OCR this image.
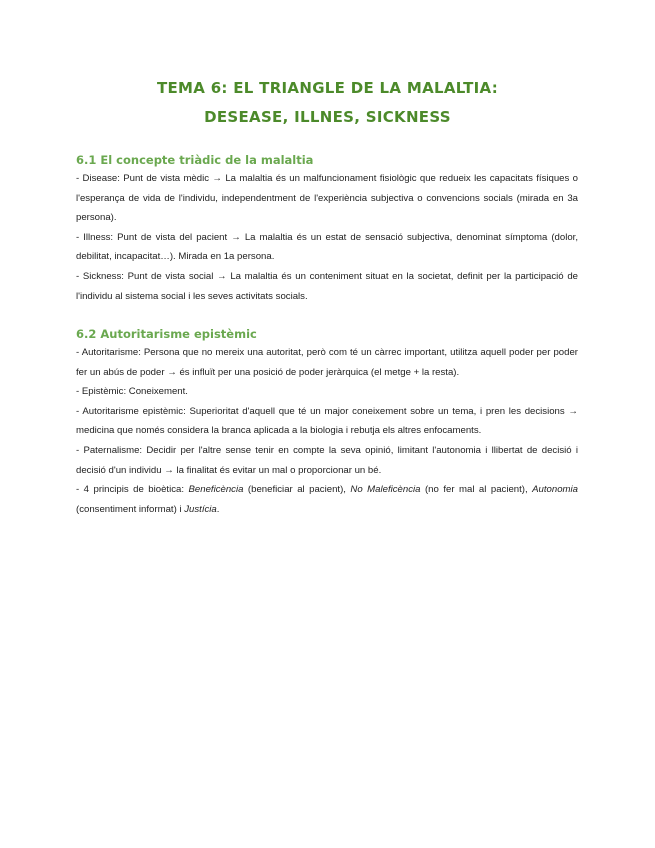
TEMA 6: EL TRIANGLE DE LA MALALTIA:
DESEASE, ILLNES, SICKNESS
6.1 El concepte triàdic de la malaltia

- Disease: Punt de vista mèdic → La malaltia és un malfuncionament fisiològic que redueix les capacitats físiques o l'esperança de vida de l'individu, independentment de l'experiència subjectiva o convencions socials (mirada en 3a persona).

- Illness: Punt de vista del pacient → La malaltia és un estat de sensació subjectiva, denominat símptoma (dolor, debilitat, incapacitat…). Mirada en 1a persona.

- Sickness: Punt de vista social → La malaltia és un conteniment situat en la societat, definit per la participació de l'individu al sistema social i les seves activitats socials.

6.2 Autoritarisme epistèmic

- Autoritarisme: Persona que no mereix una autoritat, però com té un càrrec important, utilitza aquell poder per poder fer un abús de poder → és influït per una posició de poder jeràrquica (el metge + la resta).

- Epistèmic: Coneixement.

- Autoritarisme epistèmic: Superioritat d'aquell que té un major coneixement sobre un tema, i pren les decisions → medicina que només considera la branca aplicada a la biologia i rebutja els altres enfocaments.

- Paternalisme: Decidir per l'altre sense tenir en compte la seva opinió, limitant l'autonomia i llibertat de decisió i decisió d'un individu → la finalitat és evitar un mal o proporcionar un bé.

- 4 principis de bioètica: Beneficència (beneficiar al pacient), No Maleficència (no fer mal al pacient), Autonomia (consentiment informat) i Justícia.
